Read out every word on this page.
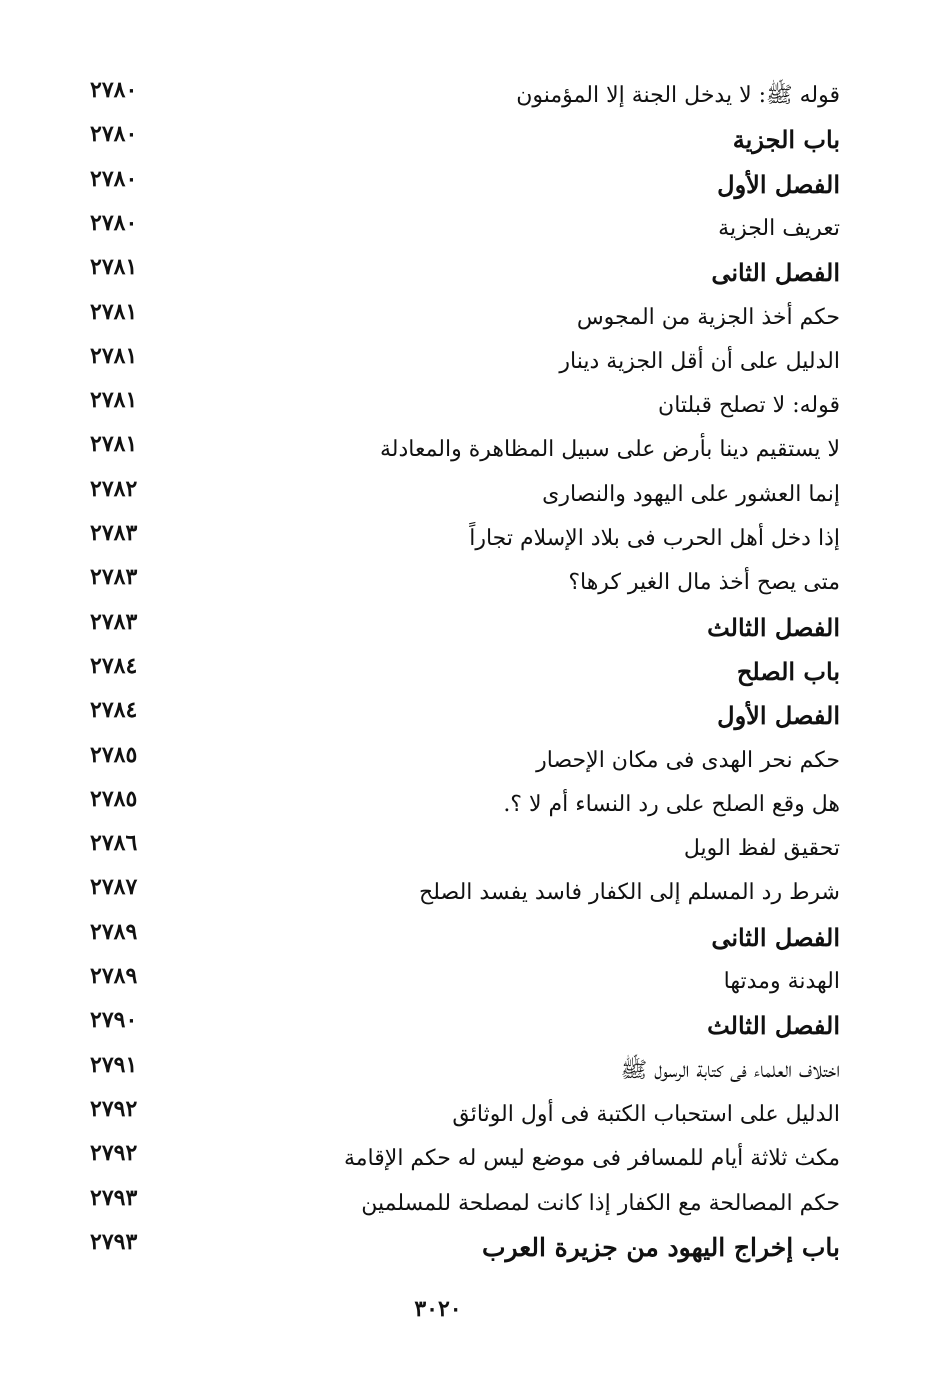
قوله ﷺ: لا يدخل الجنة إلا المؤمنون
٢٧٨٠
باب الجزية
٢٧٨٠
الفصل الأول
٢٧٨٠
تعريف الجزية
٢٧٨٠
الفصل الثانى
٢٧٨١
حكم أخذ الجزية من المجوس
٢٧٨١
الدليل على أن أقل الجزية دينار
٢٧٨١
قوله: لا تصلح قبلتان
٢٧٨١
لا يستقيم دينا بأرض على سبيل المظاهرة والمعادلة
٢٧٨١
إنما العشور على اليهود والنصارى
٢٧٨٢
إذا دخل أهل الحرب فى بلاد الإسلام تجاراً
٢٧٨٣
متى يصح أخذ مال الغير كرها؟
٢٧٨٣
الفصل الثالث
٢٧٨٣
باب الصلح
٢٧٨٤
الفصل الأول
٢٧٨٤
حكم نحر الهدى فى مكان الإحصار
٢٧٨٥
هل وقع الصلح على رد النساء أم لا ؟.
٢٧٨٥
تحقيق لفظ الويل
٢٧٨٦
شرط رد المسلم إلى الكفار فاسد يفسد الصلح
٢٧٨٧
الفصل الثانى
٢٧٨٩
الهدنة ومدتها
٢٧٨٩
الفصل الثالث
٢٧٩٠
اختلاف العلماء فى كتابة الرسول ﷺ
٢٧٩١
الدليل على استحباب الكتبة فى أول الوثائق
٢٧٩٢
مكث ثلاثة أيام للمسافر فى موضع ليس له حكم الإقامة
٢٧٩٢
حكم المصالحة مع الكفار إذا كانت لمصلحة للمسلمين
٢٧٩٣
باب إخراج اليهود من جزيرة العرب
٢٧٩٣
٣٠٢٠
